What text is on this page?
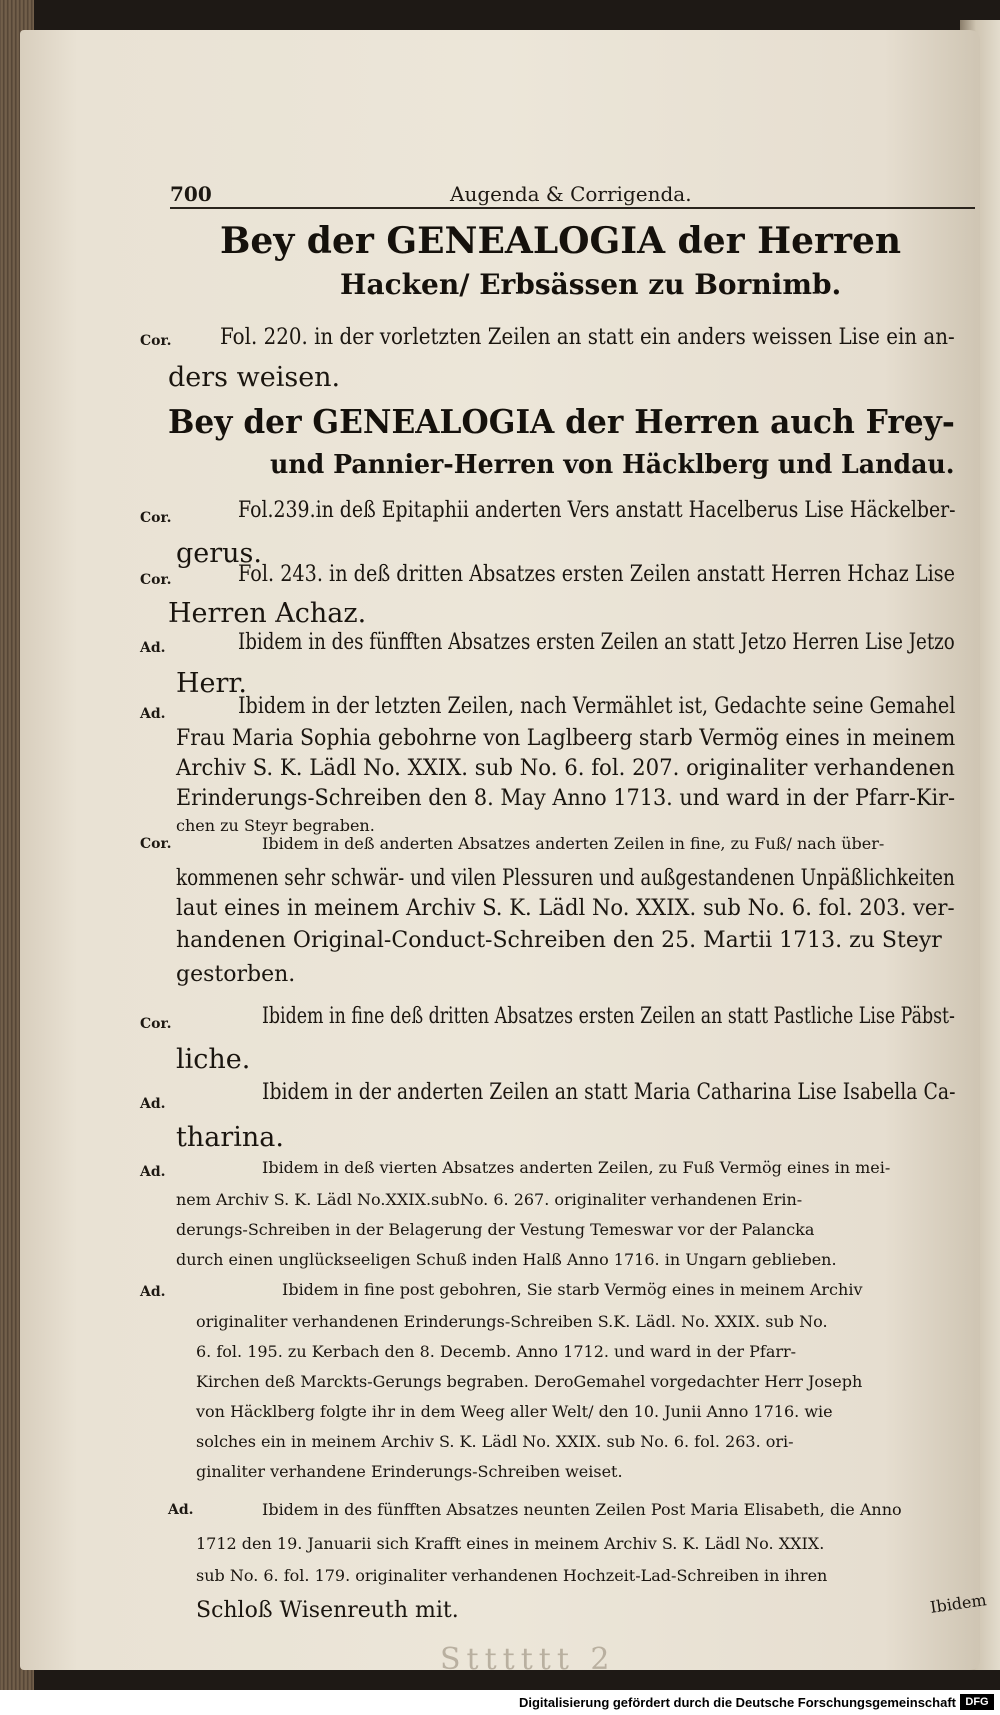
700	Augenda & Corrigenda.
Bey der GENEALOGIA der Herren
Hacken/ Erbsässen zu Bornimb.
Cor. Fol. 220. in der vorletzten Zeilen an statt ein anders weissen Lise ein an-
ders weisen.
Bey der GENEALOGIA der Herren auch Frey-
und Pannier-Herren von Häcklberg und Landau.
Cor.	Fol.239.in deß Epitaphii anderten Vers anstatt Hacelberus Lise Häckelber-
gerus.
Cor.	Fol. 243. in deß dritten Absatzes ersten Zeilen anstatt Herren Hchaz Lise
Herren Achaz.
Ad.	Ibidem in des fünfften Absatzes ersten Zeilen an statt Jetzo Herren Lise Jetzo
Herr.
Ad.	Ibidem in der letzten Zeilen, nach Vermählet ist, Gedachte seine Gemahel
Frau Maria Sophia gebohrne von Laglbeerg starb Vermög eines in meinem
Archiv S. K. Lädl No. XXIX. sub No. 6. fol. 207. originaliter verhandenen
Erinderungs-Schreiben den 8. May Anno 1713. und ward in der Pfarr-Kir-
chen zu Steyr begraben.
Cor.	Ibidem in deß anderten Absatzes anderten Zeilen in fine, zu Fuß/ nach über-
kommenen sehr schwär- und vilen Plessuren und außgestandenen Unpäßlichkeiten
laut eines in meinem Archiv S. K. Lädl No. XXIX. sub No. 6. fol. 203. ver-
handenen Original-Conduct-Schreiben den 25. Martii 1713. zu Steyr
gestorben.
Cor.	Ibidem in fine deß dritten Absatzes ersten Zeilen an statt Pastliche Lise Päbst-
liche.
Ad.	Ibidem in der anderten Zeilen an statt Maria Catharina Lise Isabella Ca-
tharina.
Ad.	Ibidem in deß vierten Absatzes anderten Zeilen, zu Fuß Vermög eines in mei-
nem Archiv S. K. Lädl No.XXIX.subNo. 6. 267. originaliter verhandenen Erin-
derungs-Schreiben in der Belagerung der Vestung Temeswar vor der Palancka
durch einen unglückseeligen Schuß inden Halß Anno 1716. in Ungarn geblieben.
Ad.	Ibidem in fine post gebohren, Sie starb Vermög eines in meinem Archiv
originaliter verhandenen Erinderungs-Schreiben S.K. Lädl. No. XXIX. sub No.
6. fol. 195. zu Kerbach den 8. Decemb. Anno 1712. und ward in der Pfarr-
Kirchen deß Marckts-Gerungs begraben. DeroGemahel vorgedachter Herr Joseph
von Häcklberg folgte ihr in dem Weeg aller Welt/ den 10. Junii Anno 1716. wie
solches ein in meinem Archiv S. K. Lädl No. XXIX. sub No. 6. fol. 263. ori-
ginaliter verhandene Erinderungs-Schreiben weiset.
Ad.	Ibidem in des fünfften Absatzes neunten Zeilen Post Maria Elisabeth, die Anno
1712 den 19. Januarii sich Krafft eines in meinem Archiv S. K. Lädl No. XXIX.
sub No. 6. fol. 179. originaliter verhandenen Hochzeit-Lad-Schreiben in ihren
Schloß Wisenreuth mit.	Ibidem
Stttttt 2
Digitalisierung gefördert durch die Deutsche Forschungsgemeinschaft DFG
